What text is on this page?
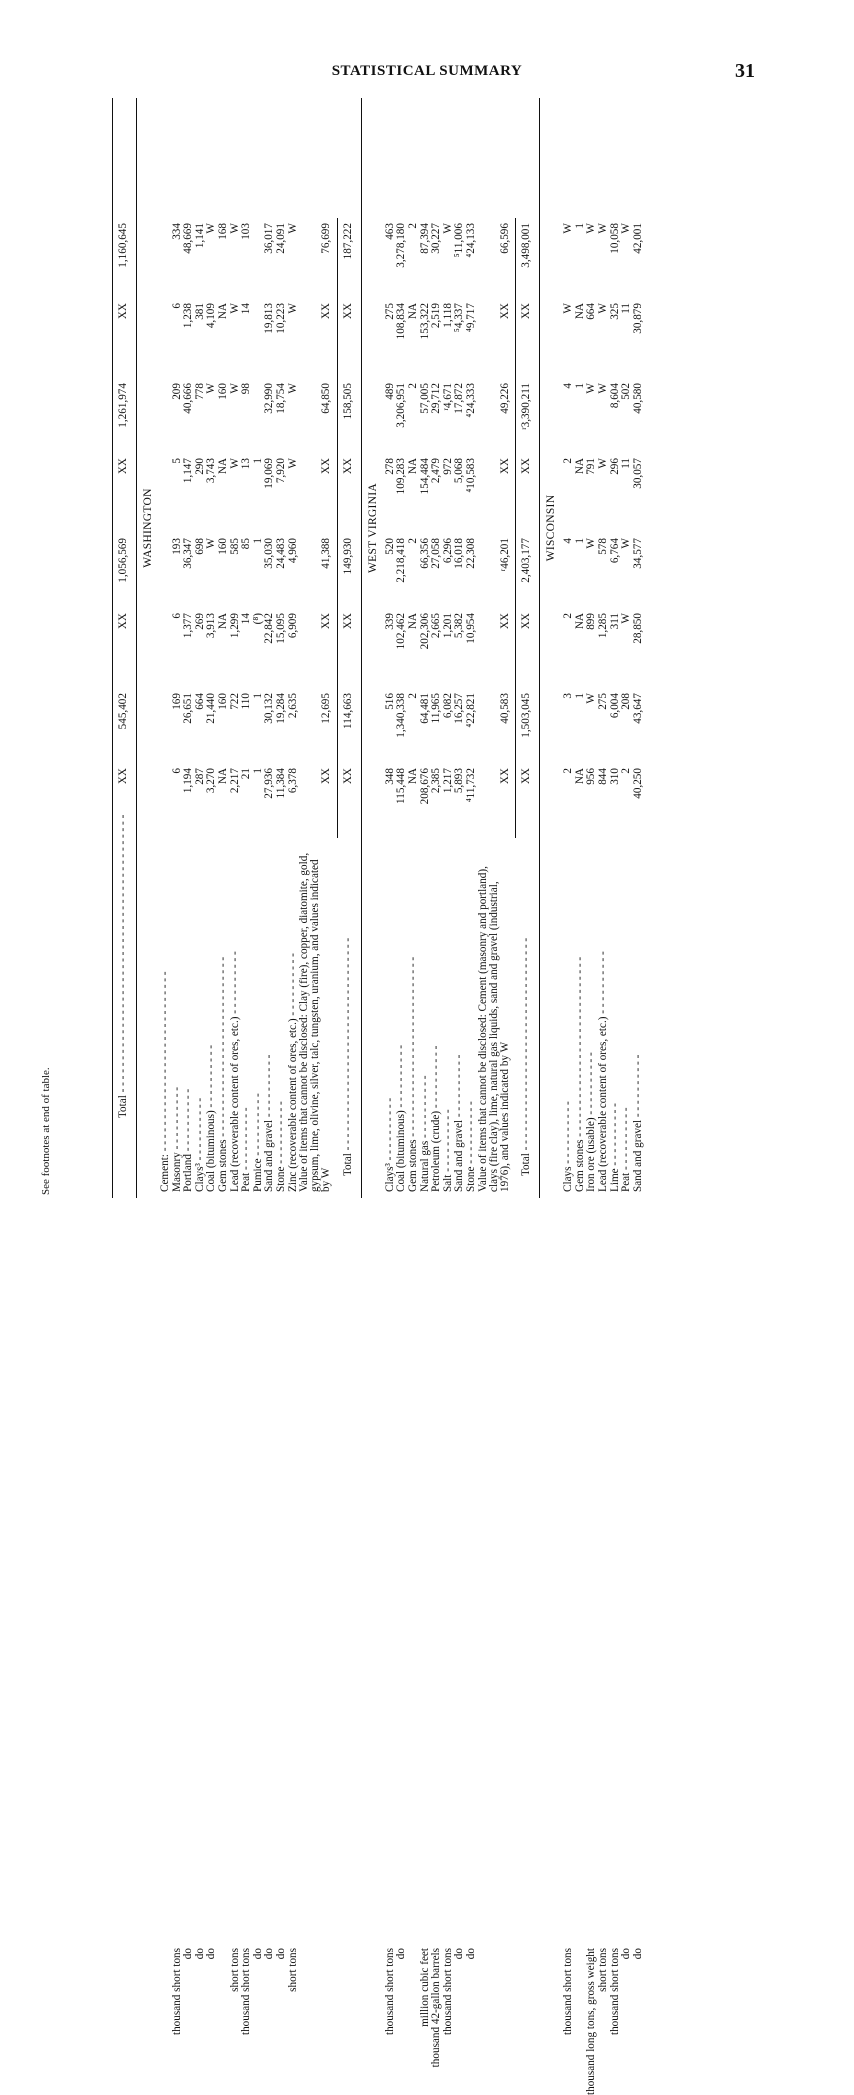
STATISTICAL SUMMARY	31
Total - - - - - - - - - - - - - - - - - - - - - - - - - - - - - - - - - - - - - - - - - - -
XX
545,402
XX
1,056,569
XX
1,261,974
XX
1,160,645
WASHINGTON
Cement: - - - - - - - - - - - - - - - - - - - - - - - - - - - - Masonry - - - - - - - - - -
thousand short tons
6
169
6
193
5
209
6
334
Portland - - - - - - - - - -
do
1,194
26,651
1,377
36,347
1,147
40,666
1,238
48,669
Clays³ - - - - - - - - - -
do
287
664
269
698
290
778
381
1,141
Coal (bituminous) - - - - - - - - - -
do
3,270
21,440
3,913
W
3,743
W
4,109
W
Gem stones - - - - - - - - - - - - - - - - - - - - - - - - - - - -
NA
160
NA
160
NA
160
NA
168
Lead (recoverable content of ores, etc.) - - - - - - - - - -
short tons
2,217
722
1,299
585
W
W
W
W
Peat - - - - - - - - - -
thousand short tons
21
110
14
85
13
98
14
103
Pumice - - - - - - - - - -
do
1
1
(⁸)
1
1
Sand and gravel - - - - - - - - - -
do
27,936
30,132
22,842
35,030
19,069
32,990
19,813
36,017
Stone - - - - - - - - - -
do
11,384
19,284
15,095
24,483
7,920
18,754
10,223
24,091
Zinc (recoverable content of ores, etc.) - - - - - - - - - -
short tons
6,378
2,635
6,909
4,960
W
W
W
W
Value of items that cannot be disclosed: Clay (fire), copper, diatomite, gold, gypsum, lime, olivine, silver, talc, tungsten, uranium, and values indicated by W
XX
12,695
XX
41,388
XX
64,850
XX
76,699
Total - - - - - - - - - - - - - - - - - - - - - - - - - - - - - - - - -
XX
114,663
XX
149,930
XX
158,505
XX
187,222
WEST VIRGINIA
Clays³ - - - - - - - - - -
thousand short tons
348
516
339
520
278
489
275
463
Coal (bituminous) - - - - - - - - - -
do
115,448
1,340,338
102,462
2,218,418
109,283
3,206,951
108,834
3,278,180
Gem stones - - - - - - - - - - - - - - - - - - - - - - - - - - - -
NA
2
NA
2
NA
2
NA
2
Natural gas - - - - - - - - - -
million cubic feet
208,676
64,481
202,306
66,356
154,484
57,005
153,322
87,394
Petroleum (crude) - - - - - - - - - -
thousand 42-gallon barrels
2,385
11,965
2,665
27,058
2,479
29,712
2,519
30,227
Salt - - - - - - - - - -
thousand short tons
1,217
6,082
1,201
6,296
972
ʳ4,671
1,118
W
Sand and gravel - - - - - - - - - -
do
5,893
16,257
5,382
16,018
5,068
17,872
⁵4,337
⁵11,006
Stone - - - - - - - - - -
do
⁴11,732
⁴22,821
10,954
22,308
⁴10,583
⁴24,333
⁴9,717
⁴24,133
Value of items that cannot be disclosed: Cement (masonry and portland), clays (fire clay), lime, natural gas liquids, sand and gravel (industrial, 1976), and values indicated by W
XX
40,583
XX
ʳ46,201
XX
49,226
XX
66,596
Total - - - - - - - - - - - - - - - - - - - - - - - - - - - - - - - - -
XX
1,503,045
XX
2,403,177
XX
ʳ3,390,211
XX
3,498,001
WISCONSIN
Clays - - - - - - - - - -
thousand short tons
2
3
2
4
2
4
W
W
Gem stones - - - - - - - - - - - - - - - - - - - - - - - - - - - -
NA
1
NA
1
NA
1
NA
1
Iron ore (usable) - - - - - - - - - -
thousand long tons, gross weight
956
W
899
W
791
W
664
W
Lead (recoverable content of ores, etc.) - - - - - - - - - -
short tons
844
275
1,285
578
W
W
W
W
Lime - - - - - - - - - -
thousand short tons
310
6,004
311
6,764
296
8,604
325
10,058
Peat - - - - - - - - - -
do
2
208
W
W
11
502
11
W
Sand and gravel - - - - - - - - - -
do
40,250
43,647
28,850
34,577
30,057
40,580
30,879
42,001
See footnotes at end of table.
